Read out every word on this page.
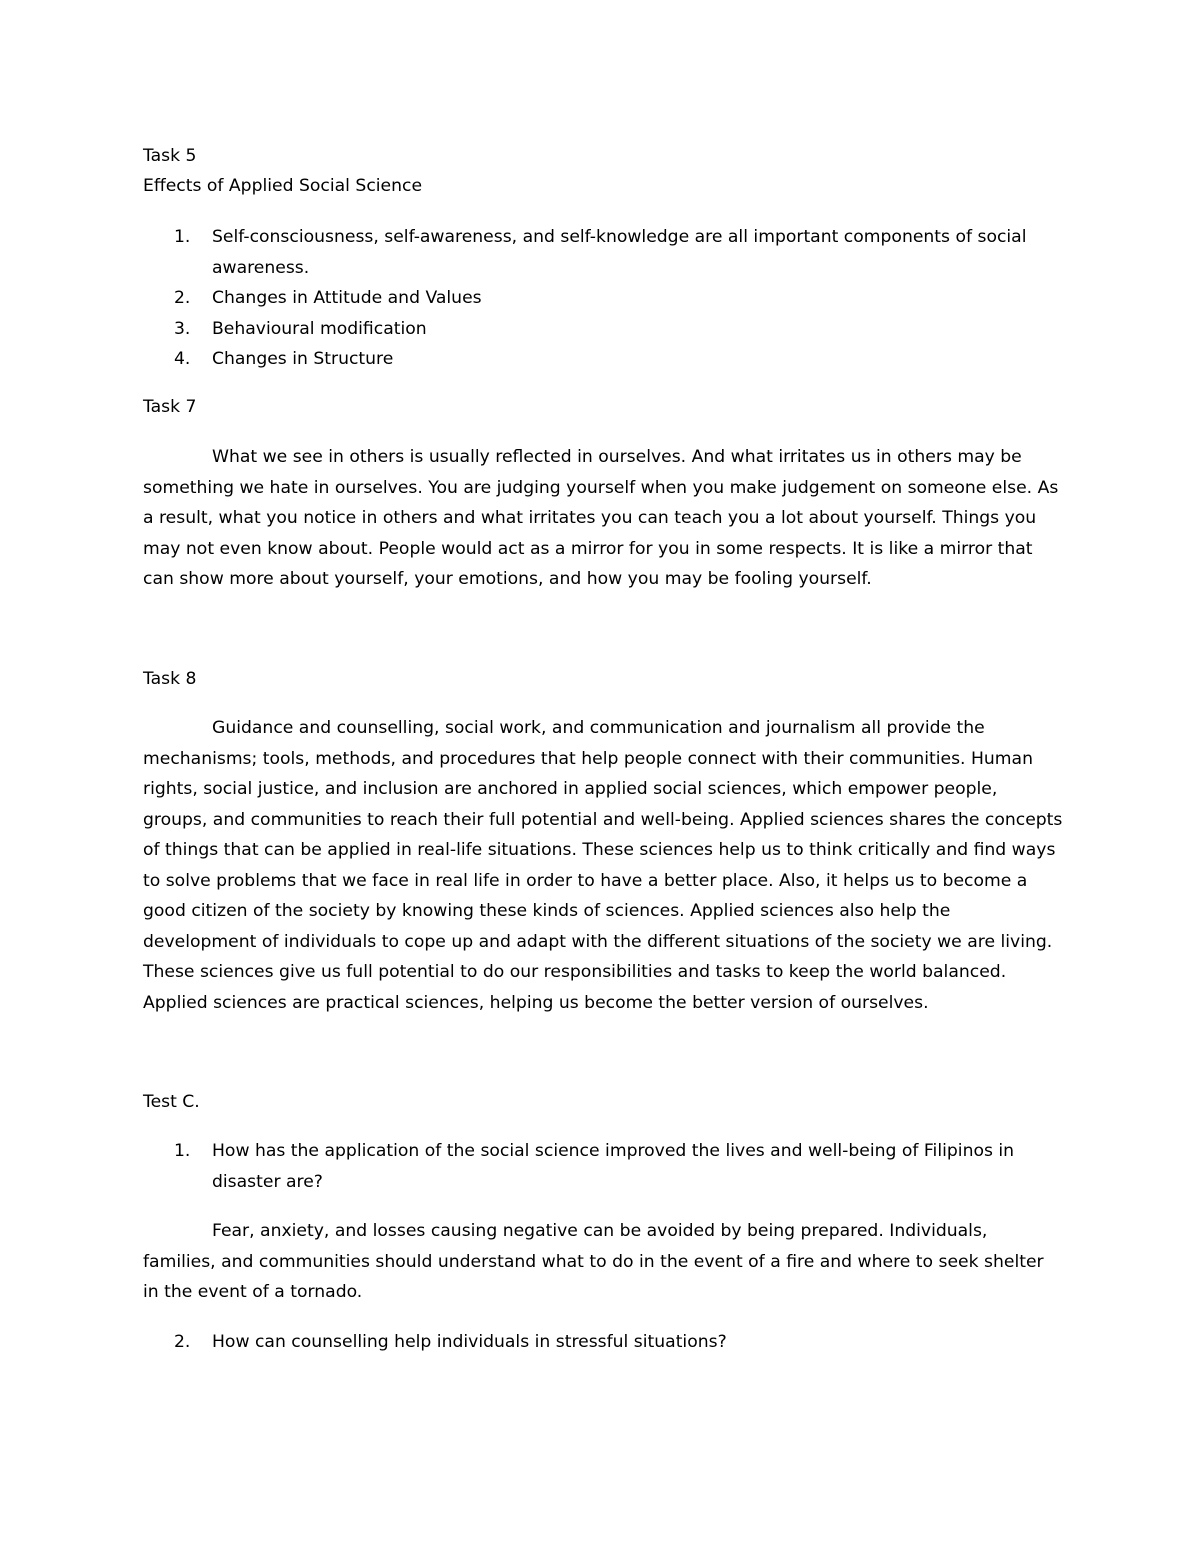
Task 5
Effects of Applied Social Science
1. Self-consciousness, self-awareness, and self-knowledge are all important components of social awareness.
2. Changes in Attitude and Values
3. Behavioural modification
4. Changes in Structure
Task 7

What we see in others is usually reflected in ourselves. And what irritates us in others may be something we hate in ourselves. You are judging yourself when you make judgement on someone else. As a result, what you notice in others and what irritates you can teach you a lot about yourself. Things you may not even know about. People would act as a mirror for you in some respects. It is like a mirror that can show more about yourself, your emotions, and how you may be fooling yourself.

Task 8

Guidance and counselling, social work, and communication and journalism all provide the mechanisms; tools, methods, and procedures that help people connect with their communities. Human rights, social justice, and inclusion are anchored in applied social sciences, which empower people, groups, and communities to reach their full potential and well-being. Applied sciences shares the concepts of things that can be applied in real-life situations. These sciences help us to think critically and find ways to solve problems that we face in real life in order to have a better place. Also, it helps us to become a good citizen of the society by knowing these kinds of sciences. Applied sciences also help the development of individuals to cope up and adapt with the different situations of the society we are living. These sciences give us full potential to do our responsibilities and tasks to keep the world balanced. Applied sciences are practical sciences, helping us become the better version of ourselves.

Test C.
1. How has the application of the social science improved the lives and well-being of Filipinos in disaster are?

Fear, anxiety, and losses causing negative can be avoided by being prepared. Individuals, families, and communities should understand what to do in the event of a fire and where to seek shelter in the event of a tornado.

2. How can counselling help individuals in stressful situations?
